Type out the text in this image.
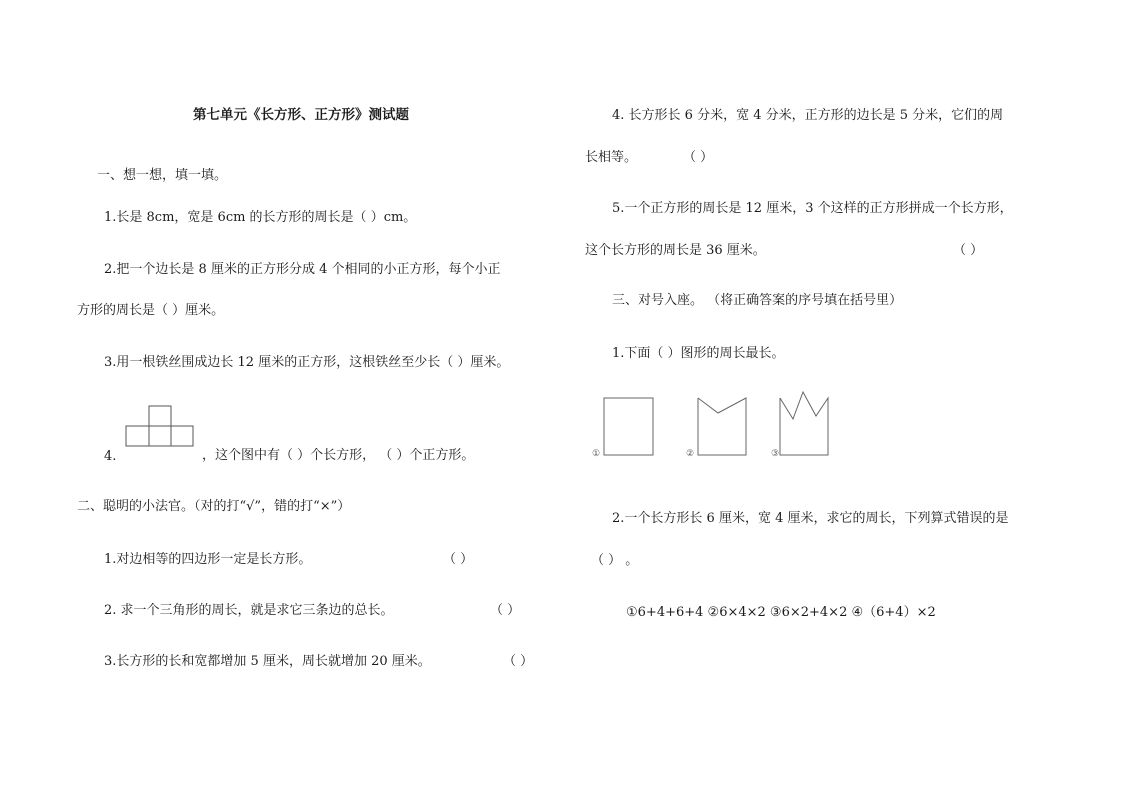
第七单元《长方形、正方形》测试题
一、想一想，填一填。
1.长是 8cm，宽是 6cm 的长方形的周长是（ ）cm。
2.把一个边长是 8 厘米的正方形分成 4 个相同的小正方形，每个小正
方形的周长是（ ）厘米。
3.用一根铁丝围成边长 12 厘米的正方形，这根铁丝至少长（ ）厘米。
4.	，这个图中有（ ）个长方形， （ ）个正方形。
二、聪明的小法官。（对的打“√”，错的打“×”）
1.对边相等的四边形一定是长方形。	（ ）
2. 求一个三角形的周长，就是求它三条边的总长。	（ ）
3.长方形的长和宽都增加 5 厘米，周长就增加 20 厘米。	（ ）
4. 长方形长 6 分米，宽 4 分米，正方形的边长是 5 分米，它们的周
长相等。	（ ）
5.一个正方形的周长是 12 厘米，3 个这样的正方形拼成一个长方形，
这个长方形的周长是 36 厘米。	（ ）
三、对号入座。 （将正确答案的序号填在括号里）
1.下面（ ）图形的周长最长。
①	②	③
2.一个长方形长 6 厘米，宽 4 厘米，求它的周长，下列算式错误的是
（ ） 。
①6+4+6+4 ②6×4×2 ③6×2+4×2 ④（6+4）×2
